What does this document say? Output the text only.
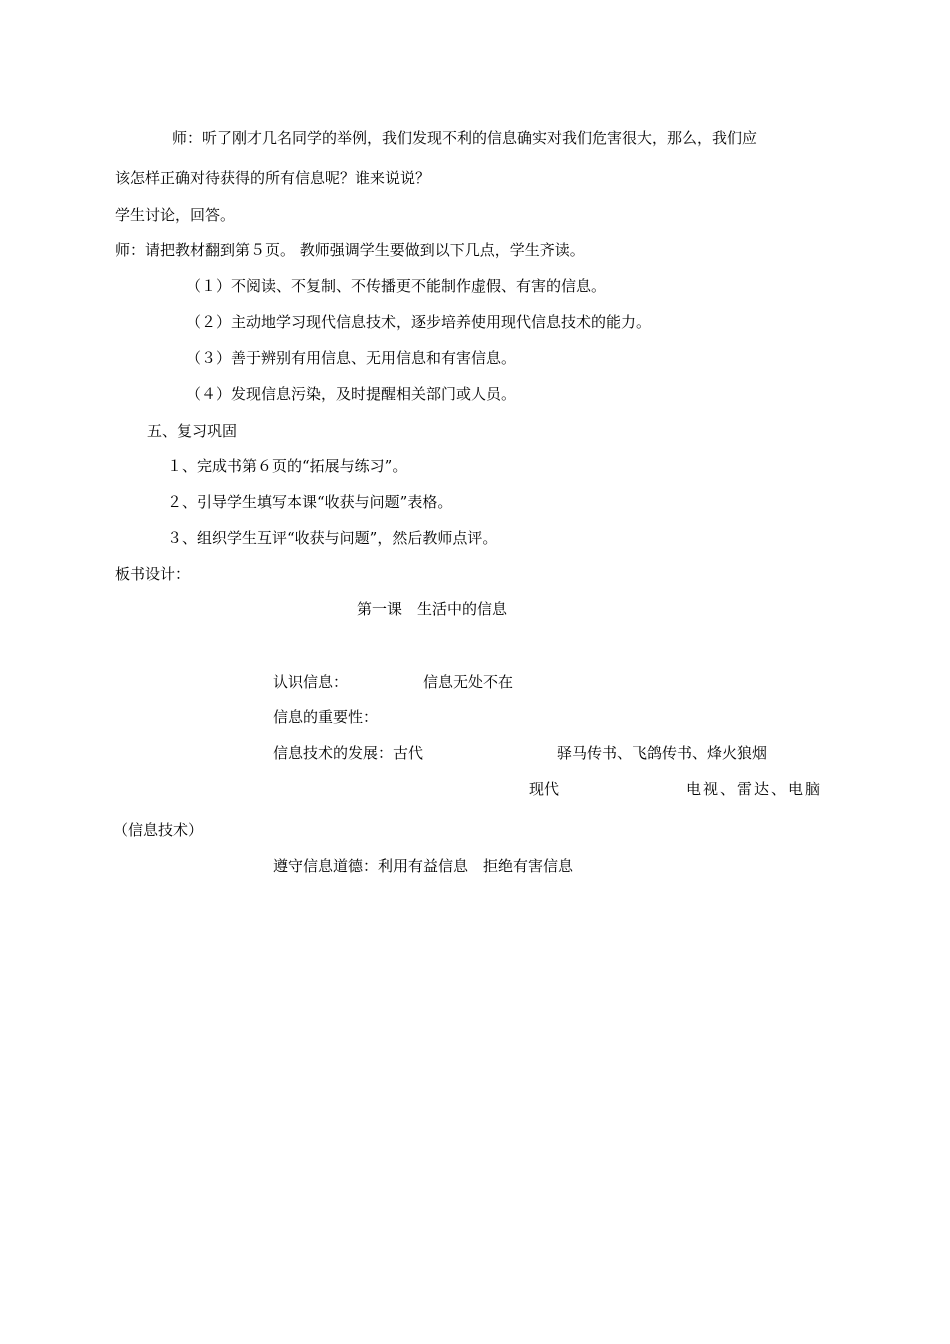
师：听了刚才几名同学的举例，我们发现不利的信息确实对我们危害很大，那么，我们应
该怎样正确对待获得的所有信息呢？谁来说说？
学生讨论，回答。
师：请把教材翻到第５页。 教师强调学生要做到以下几点，学生齐读。
（１）不阅读、不复制、不传播更不能制作虚假、有害的信息。
（２）主动地学习现代信息技术，逐步培养使用现代信息技术的能力。
（３）善于辨别有用信息、无用信息和有害信息。
（４）发现信息污染，及时提醒相关部门或人员。
五、复习巩固
１、完成书第６页的“拓展与练习”。
２、引导学生填写本课“收获与问题”表格。
３、组织学生互评“收获与问题”，然后教师点评。
板书设计：
第一课　生活中的信息
认识信息：	信息无处不在
信息的重要性：
信息技术的发展：古代	驿马传书、飞鸽传书、烽火狼烟
现代	电视、雷达、电脑
（信息技术）
遵守信息道德：利用有益信息　拒绝有害信息
